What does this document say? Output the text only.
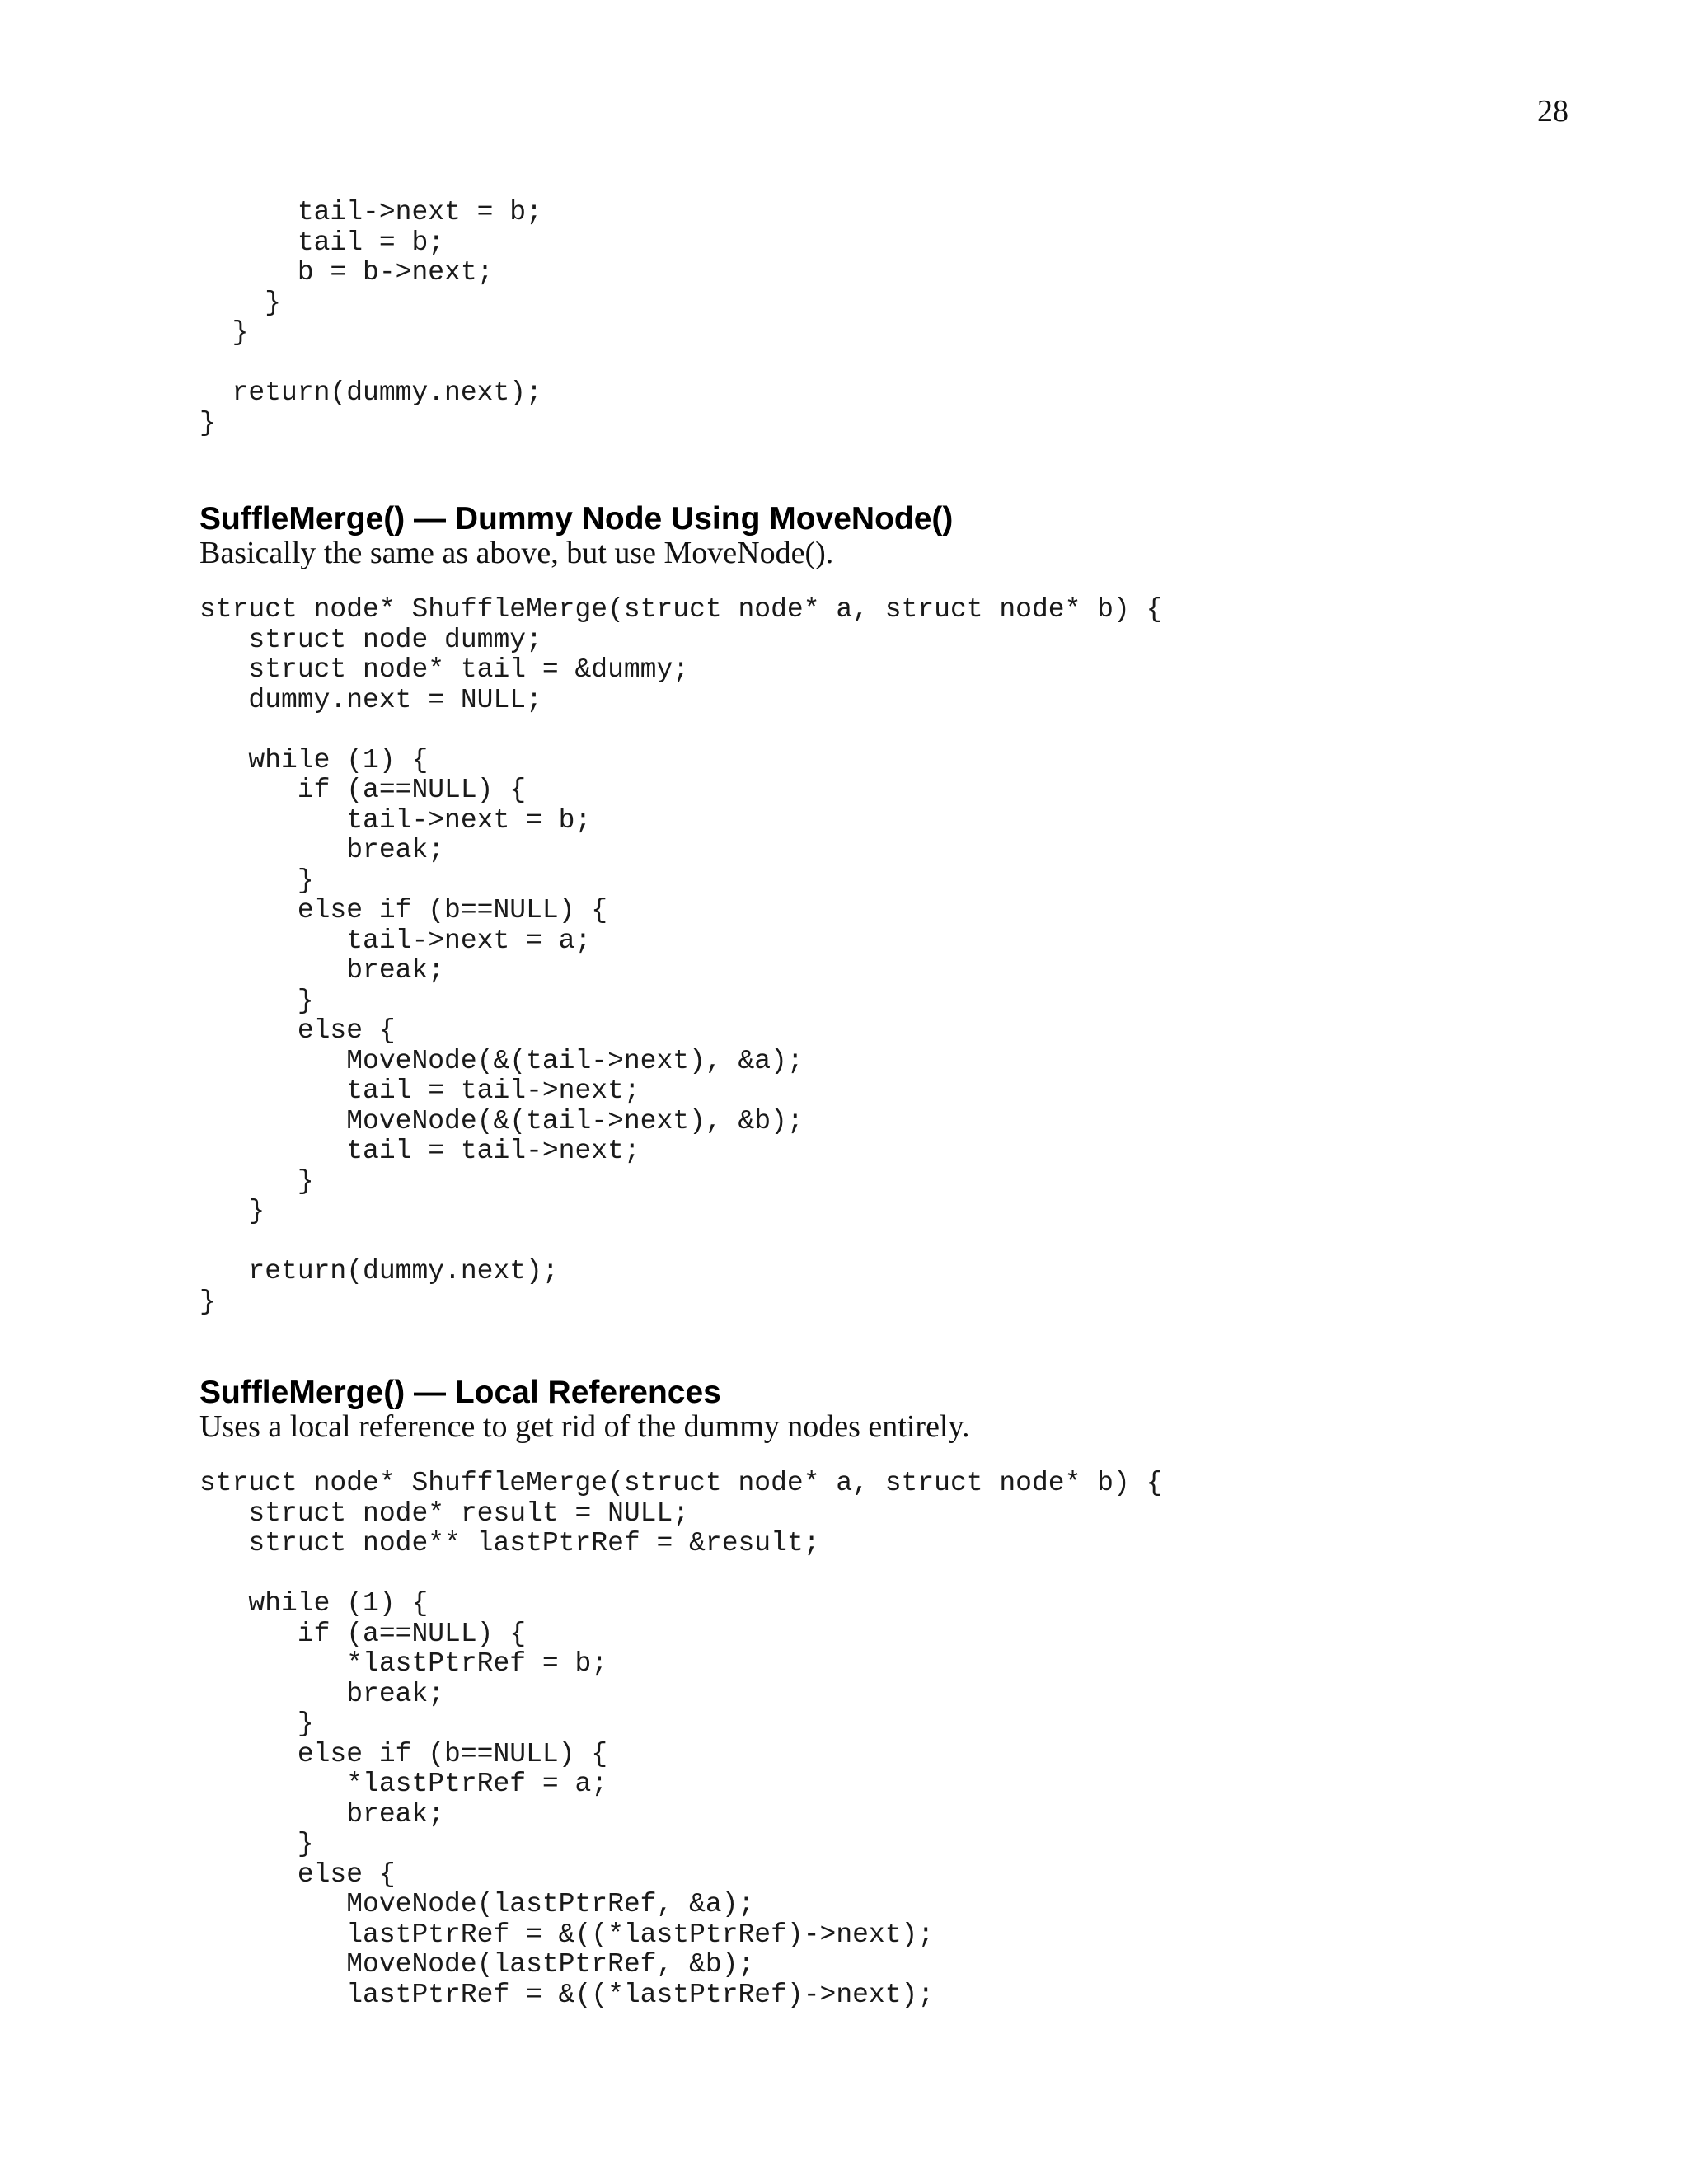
28

tail->next = b;
tail = b;
b = b->next;
}
}

return(dummy.next);
}
SuffleMerge() — Dummy Node Using MoveNode()

Basically the same as above, but use MoveNode().

struct node* ShuffleMerge(struct node* a, struct node* b) {
struct node dummy;
struct node* tail = &dummy;
dummy.next = NULL;

while (1) {
if (a==NULL) {
tail->next = b;
break;
}
else if (b==NULL) {
tail->next = a;
break;
}
else {
MoveNode(&(tail->next), &a);
tail = tail->next;
MoveNode(&(tail->next), &b);
tail = tail->next;
}
}

return(dummy.next);
}
SuffleMerge() — Local References

Uses a local reference to get rid of the dummy nodes entirely.

struct node* ShuffleMerge(struct node* a, struct node* b) {
struct node* result = NULL;
struct node** lastPtrRef = &result;

while (1) {
if (a==NULL) {
*lastPtrRef = b;
break;
}
else if (b==NULL) {
*lastPtrRef = a;
break;
}
else {
MoveNode(lastPtrRef, &a);
lastPtrRef = &((*lastPtrRef)->next);
MoveNode(lastPtrRef, &b);
lastPtrRef = &((*lastPtrRef)->next);
